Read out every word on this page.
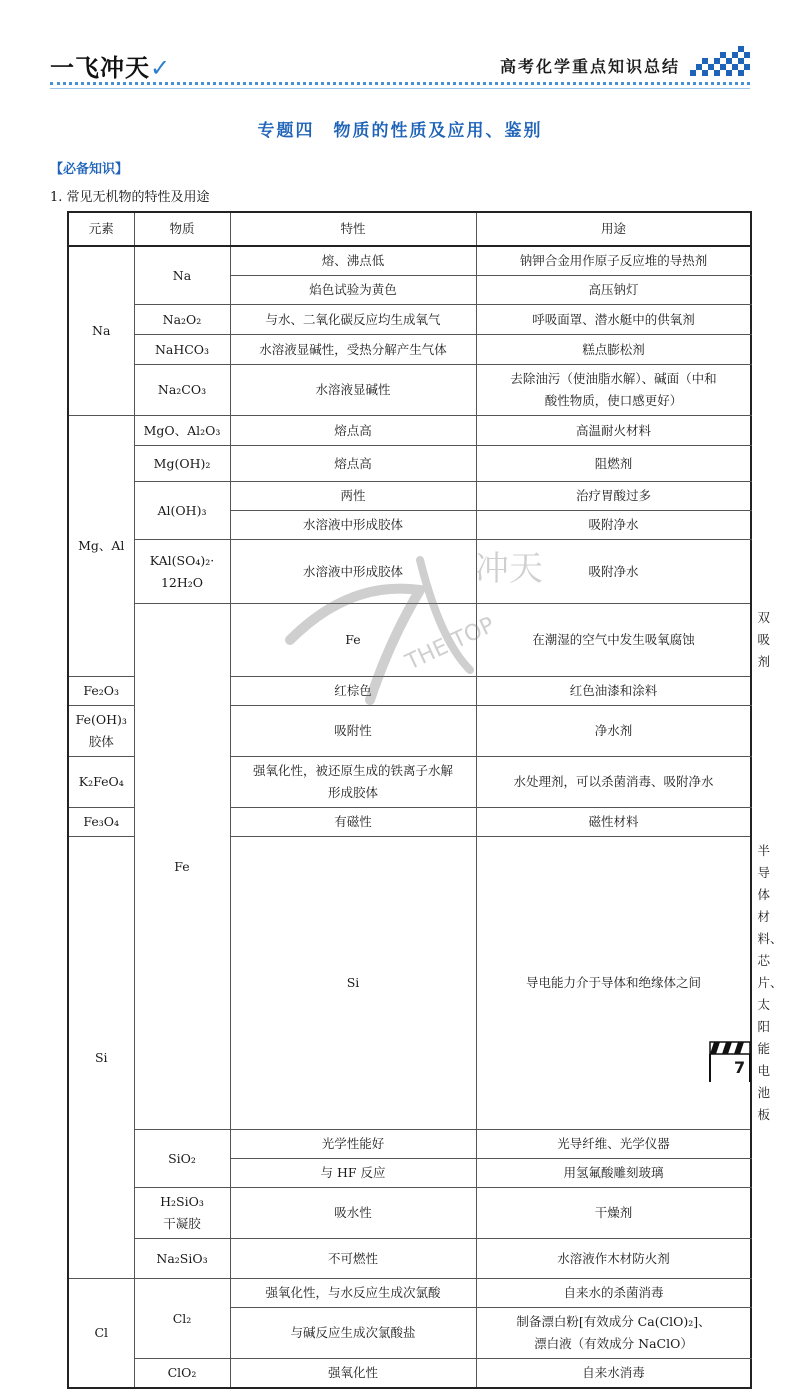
一飞冲天✓	高考化学重点知识总结
专题四　物质的性质及应用、鉴别
【必备知识】
1. 常见无机物的特性及用途
元素	物质	特性	用途	
Na	Na	熔、沸点低	钠钾合金用作原子反应堆的导热剂	
		焰色试验为黄色	高压钠灯	
	Na₂O₂	与水、二氧化碳反应均生成氧气	呼吸面罩、潜水艇中的供氧剂	
	NaHCO₃	水溶液显碱性，受热分解产生气体	糕点膨松剂	
	Na₂CO₃	水溶液显碱性	去除油污（使油脂水解）、碱面（中和
酸性物质，使口感更好）	

Mg、Al	MgO、Al₂O₃	熔点高	高温耐火材料	
	Mg(OH)₂	熔点高	阻燃剂	
	Al(OH)₃	两性	治疗胃酸过多	
		水溶液中形成胶体	吸附净水	

	KAl(SO₄)₂·
12H₂O	水溶液中形成胶体	吸附净水	
	Fe	Fe	在潮湿的空气中发生吸氧腐蚀	双吸剂
Fe₂O₃		红棕色	红色油漆和涂料	

Fe(OH)₃
胶体		吸附性	净水剂	
K₂FeO₄		强氧化性，被还原生成的铁离子水解
形成胶体	水处理剂，可以杀菌消毒、吸附净水	
Fe₃O₄		有磁性	磁性材料	
Si		Si	导电能力介于导体和绝缘体之间	半导体材料、芯片、太阳能电池板
	SiO₂	光学性能好	光导纤维、光学仪器	
		与 HF 反应	用氢氟酸雕刻玻璃	

	H₂SiO₃
干凝胶	吸水性	干燥剂	
	Na₂SiO₃	不可燃性	水溶液作木材防火剂	
Cl	Cl₂	强氧化性，与水反应生成次氯酸	自来水的杀菌消毒	
		与碱反应生成次氯酸盐	制备漂白粉[有效成分 Ca(ClO)₂]、
漂白液（有效成分 NaClO）	

	ClO₂	强氧化性	自来水消毒	
冲天
THE TOP
7
